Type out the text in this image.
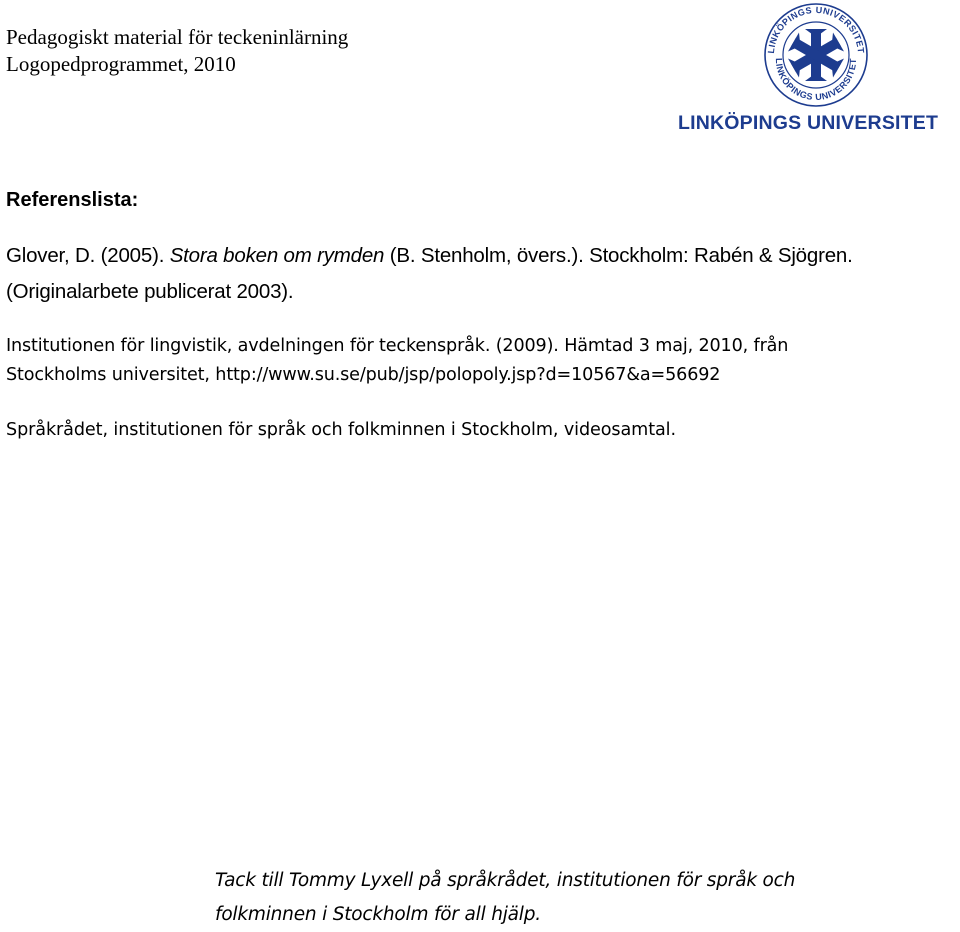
Pedagogiskt material för teckeninlärning
Logopedprogrammet, 2010
LINKÖPINGS UNIVERSITET
LINKÖPINGS UNIVERSITET
LINKÖPINGS UNIVERSITET
Referenslista:

Glover, D. (2005). Stora boken om rymden (B. Stenholm, övers.). Stockholm: Rabén & Sjögren. (Originalarbete publicerat 2003).

Institutionen för lingvistik, avdelningen för teckenspråk. (2009). Hämtad 3 maj, 2010, från
Stockholms universitet, http://www.su.se/pub/jsp/polopoly.jsp?d=10567&a=56692

Språkrådet, institutionen för språk och folkminnen i Stockholm, videosamtal.

Tack till Tommy Lyxell på språkrådet, institutionen för språk och
folkminnen i Stockholm för all hjälp.
